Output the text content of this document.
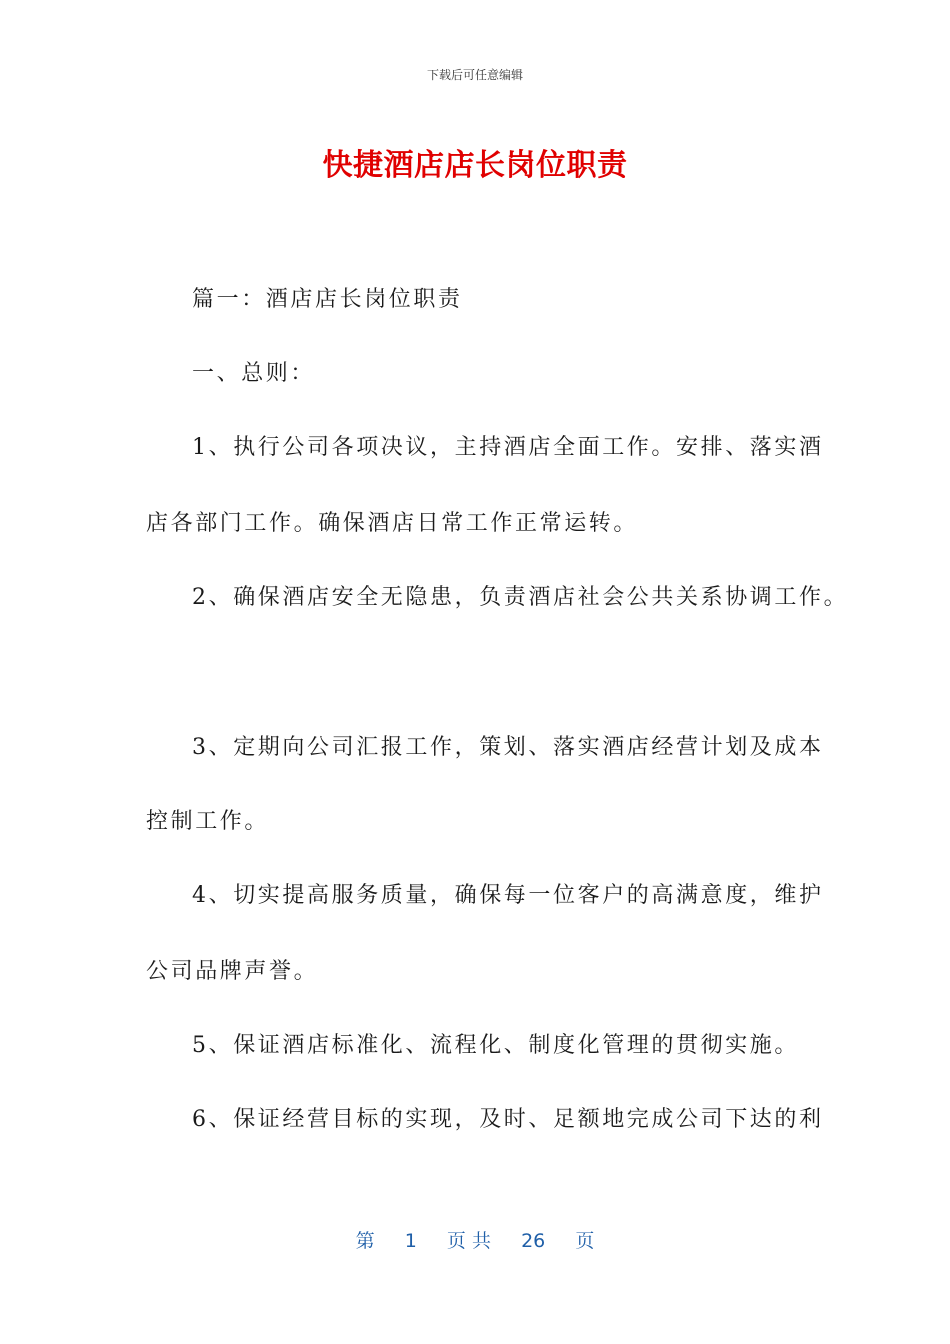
下载后可任意编辑
快捷酒店店长岗位职责
篇一：酒店店长岗位职责
一、总则：
1、执行公司各项决议，主持酒店全面工作。安排、落实酒
店各部门工作。确保酒店日常工作正常运转。
2、确保酒店安全无隐患，负责酒店社会公共关系协调工作。
3、定期向公司汇报工作，策划、落实酒店经营计划及成本
控制工作。
4、切实提高服务质量，确保每一位客户的高满意度，维护
公司品牌声誉。
5、保证酒店标准化、流程化、制度化管理的贯彻实施。
6、保证经营目标的实现，及时、足额地完成公司下达的利
第 1 页 共 26 页
